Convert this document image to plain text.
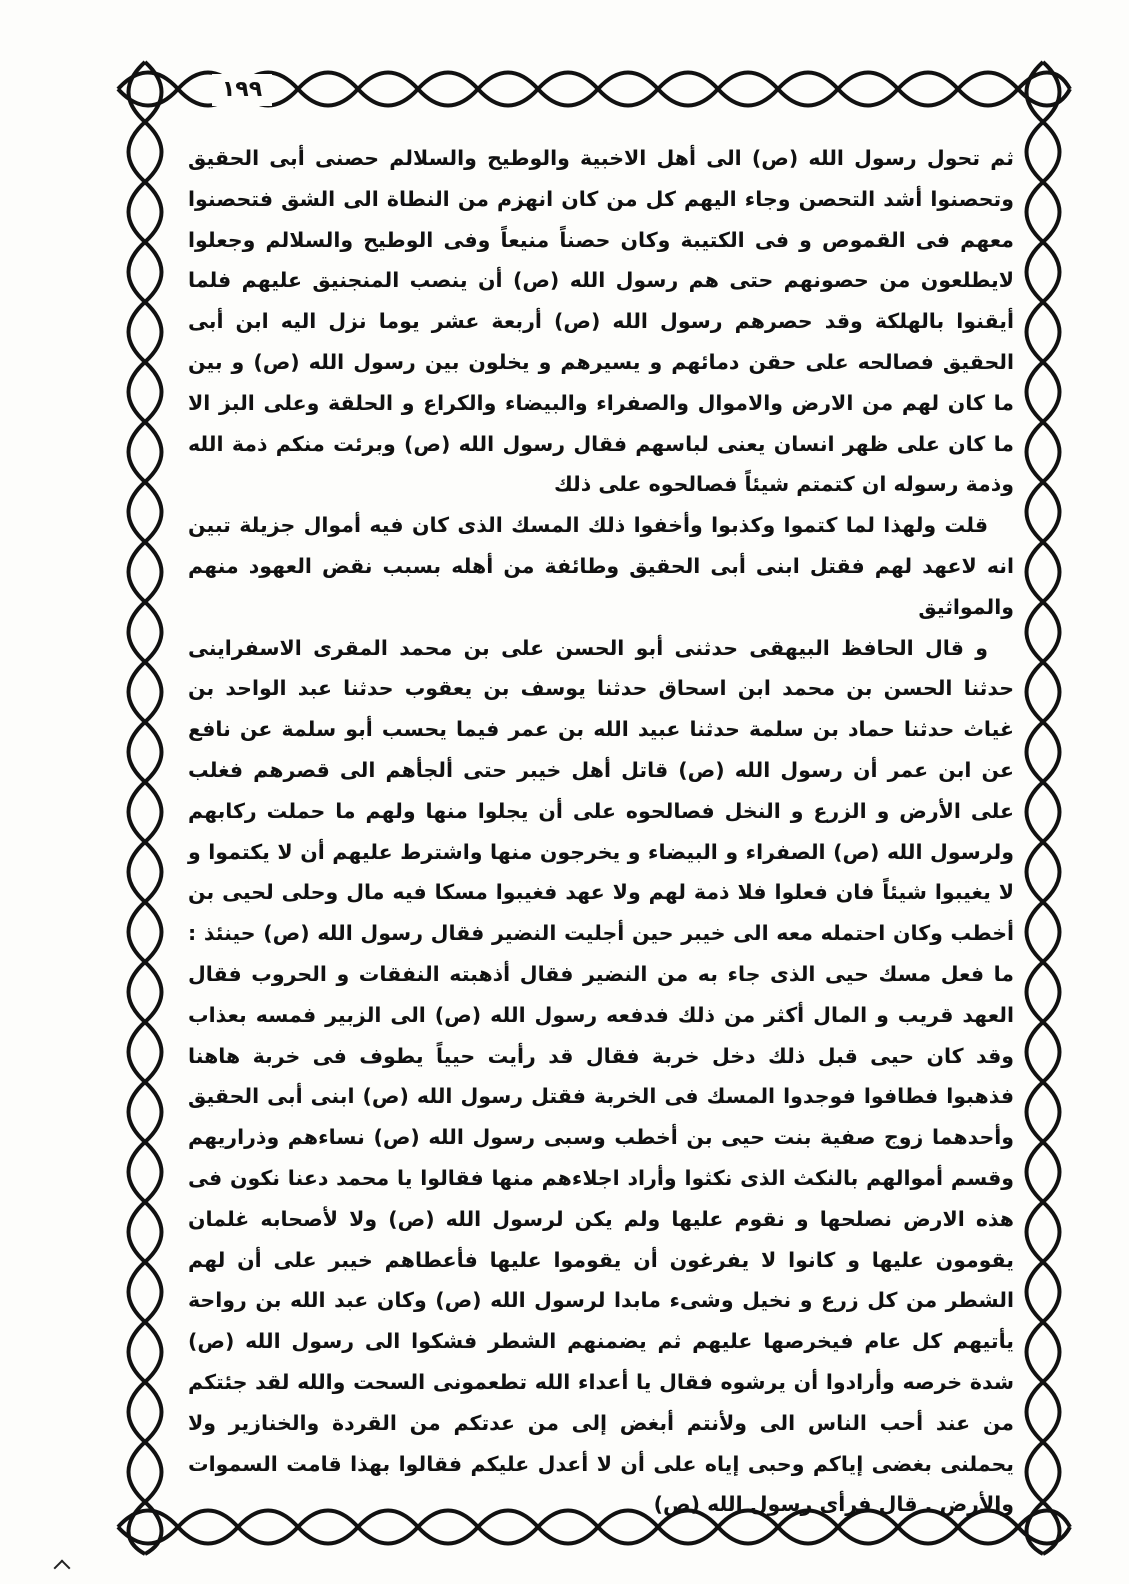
١٩٩

ثم تحول رسول الله (ص) الى أهل الاخبية والوطيح والسلالم حصنى أبى الحقيق وتحصنوا أشد التحصن وجاء اليهم كل من كان انهزم من النطاة الى الشق فتحصنوا معهم فى القموص و فى الكتيبة وكان حصناً منيعاً وفى الوطيح والسلالم وجعلوا لايطلعون من حصونهم حتى هم رسول الله (ص) أن ينصب المنجنيق عليهم فلما أيقنوا بالهلكة وقد حصرهم رسول الله (ص) أربعة عشر يوما نزل اليه ابن أبى الحقيق فصالحه على حقن دمائهم و يسيرهم و يخلون بين رسول الله (ص) و بين ما كان لهم من الارض والاموال والصفراء والبيضاء والكراع و الحلقة وعلى البز الا ما كان على ظهر انسان يعنى لباسهم فقال رسول الله (ص) وبرئت منكم ذمة الله وذمة رسوله ان كتمتم شيئاً فصالحوه على ذلك

قلت ولهذا لما كتموا وكذبوا وأخفوا ذلك المسك الذى كان فيه أموال جزيلة تبين انه لاعهد لهم فقتل ابنى أبى الحقيق وطائفة من أهله بسبب نقض العهود منهم والمواثيق

و قال الحافظ البيهقى حدثنى أبو الحسن على بن محمد المقرى الاسفراينى حدثنا الحسن بن محمد ابن اسحاق حدثنا يوسف بن يعقوب حدثنا عبد الواحد بن غياث حدثنا حماد بن سلمة حدثنا عبيد الله بن عمر فيما يحسب أبو سلمة عن نافع عن ابن عمر أن رسول الله (ص) قاتل أهل خيبر حتى ألجأهم الى قصرهم فغلب على الأرض و الزرع و النخل فصالحوه على أن يجلوا منها ولهم ما حملت ركابهم ولرسول الله (ص) الصفراء و البيضاء و يخرجون منها واشترط عليهم أن لا يكتموا و لا يغيبوا شيئاً فان فعلوا فلا ذمة لهم ولا عهد فغيبوا مسكا فيه مال وحلى لحيى بن أخطب وكان احتمله معه الى خيبر حين أجليت النضير فقال رسول الله (ص) حينئذ : ما فعل مسك حيى الذى جاء به من النضير فقال أذهبته النفقات و الحروب فقال العهد قريب و المال أكثر من ذلك فدفعه رسول الله (ص) الى الزبير فمسه بعذاب وقد كان حيى قبل ذلك دخل خربة فقال قد رأيت حيياً يطوف فى خربة هاهنا فذهبوا فطافوا فوجدوا المسك فى الخربة فقتل رسول الله (ص) ابنى أبى الحقيق وأحدهما زوج صفية بنت حيى بن أخطب وسبى رسول الله (ص) نساءهم وذراريهم وقسم أموالهم بالنكث الذى نكثوا وأراد اجلاءهم منها فقالوا يا محمد دعنا نكون فى هذه الارض نصلحها و نقوم عليها ولم يكن لرسول الله (ص) ولا لأصحابه غلمان يقومون عليها و كانوا لا يفرغون أن يقوموا عليها فأعطاهم خيبر على أن لهم الشطر من كل زرع و نخيل وشىء مابدا لرسول الله (ص) وكان عبد الله بن رواحة يأتيهم كل عام فيخرصها عليهم ثم يضمنهم الشطر فشكوا الى رسول الله (ص) شدة خرصه وأرادوا أن يرشوه فقال يا أعداء الله تطعمونى السحت والله لقد جئتكم من عند أحب الناس الى ولأنتم أبغض إلى من عدتكم من القردة والخنازير ولا يحملنى بغضى إياكم وحبى إياه على أن لا أعدل عليكم فقالوا بهذا قامت السموات والأرض . قال فرأى رسول الله (ص)
